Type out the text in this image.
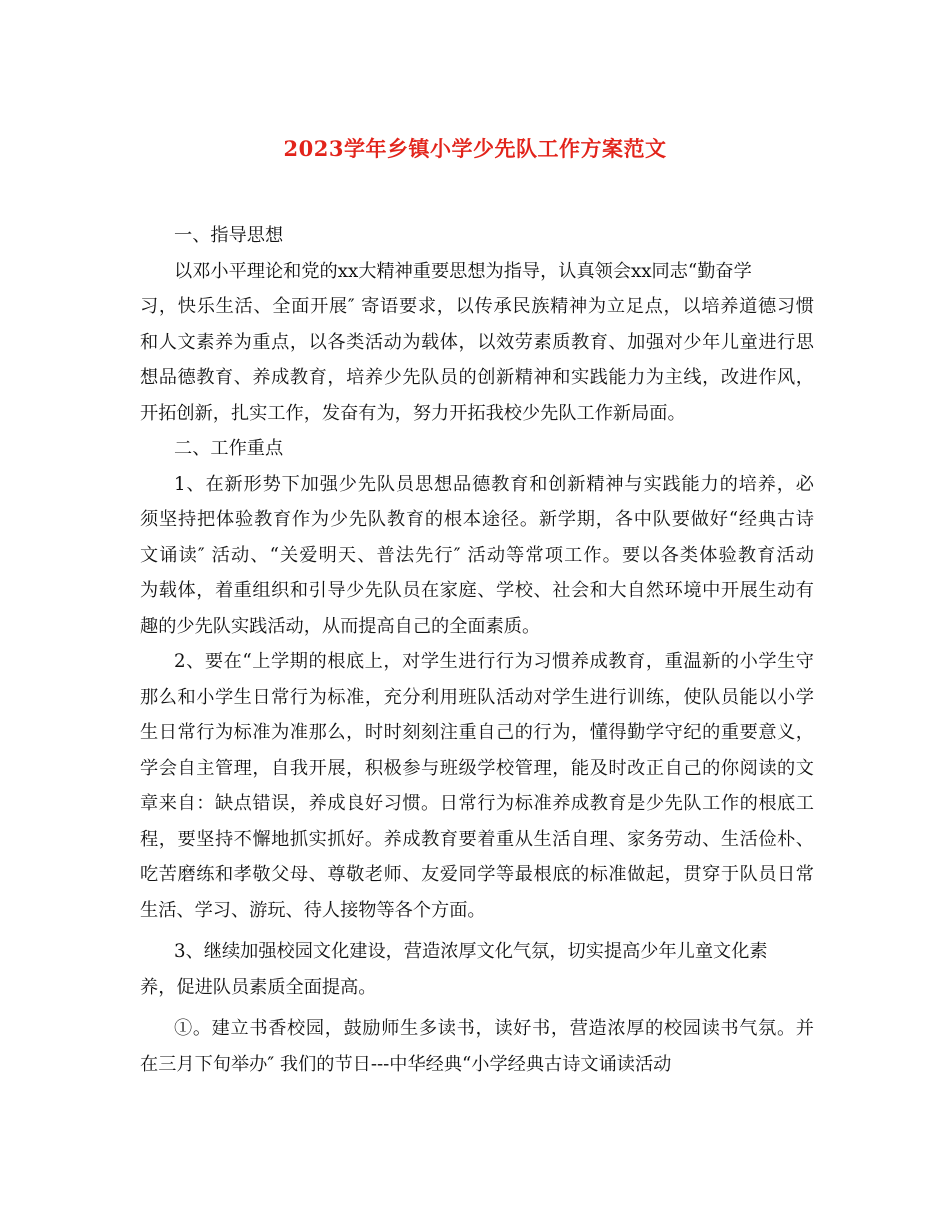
2023学年乡镇小学少先队工作方案范文
一、指导思想
以邓小平理论和党的xx大精神重要思想为指导，认真领会xx同志“勤奋学
习，快乐生活、全面开展″ 寄语要求，以传承民族精神为立足点，以培养道德习惯
和人文素养为重点，以各类活动为载体，以效劳素质教育、加强对少年儿童进行思
想品德教育、养成教育，培养少先队员的创新精神和实践能力为主线，改进作风，
开拓创新，扎实工作，发奋有为，努力开拓我校少先队工作新局面。
二、工作重点
1、在新形势下加强少先队员思想品德教育和创新精神与实践能力的培养，必
须坚持把体验教育作为少先队教育的根本途径。新学期，各中队要做好“经典古诗
文诵读″ 活动、“关爱明天、普法先行″ 活动等常项工作。要以各类体验教育活动
为载体，着重组织和引导少先队员在家庭、学校、社会和大自然环境中开展生动有
趣的少先队实践活动，从而提高自己的全面素质。
2、要在“上学期的根底上，对学生进行行为习惯养成教育，重温新的小学生守
那么和小学生日常行为标准，充分利用班队活动对学生进行训练，使队员能以小学
生日常行为标准为准那么，时时刻刻注重自己的行为，懂得勤学守纪的重要意义，
学会自主管理，自我开展，积极参与班级学校管理，能及时改正自己的你阅读的文
章来自：缺点错误，养成良好习惯。日常行为标准养成教育是少先队工作的根底工
程，要坚持不懈地抓实抓好。养成教育要着重从生活自理、家务劳动、生活俭朴、
吃苦磨练和孝敬父母、尊敬老师、友爱同学等最根底的标准做起，贯穿于队员日常
生活、学习、游玩、待人接物等各个方面。
3、继续加强校园文化建设，营造浓厚文化气氛，切实提高少年儿童文化素
养，促进队员素质全面提高。
①。建立书香校园，鼓励师生多读书，读好书，营造浓厚的校园读书气氛。并
在三月下旬举办″ 我们的节日---中华经典“小学经典古诗文诵读活动
